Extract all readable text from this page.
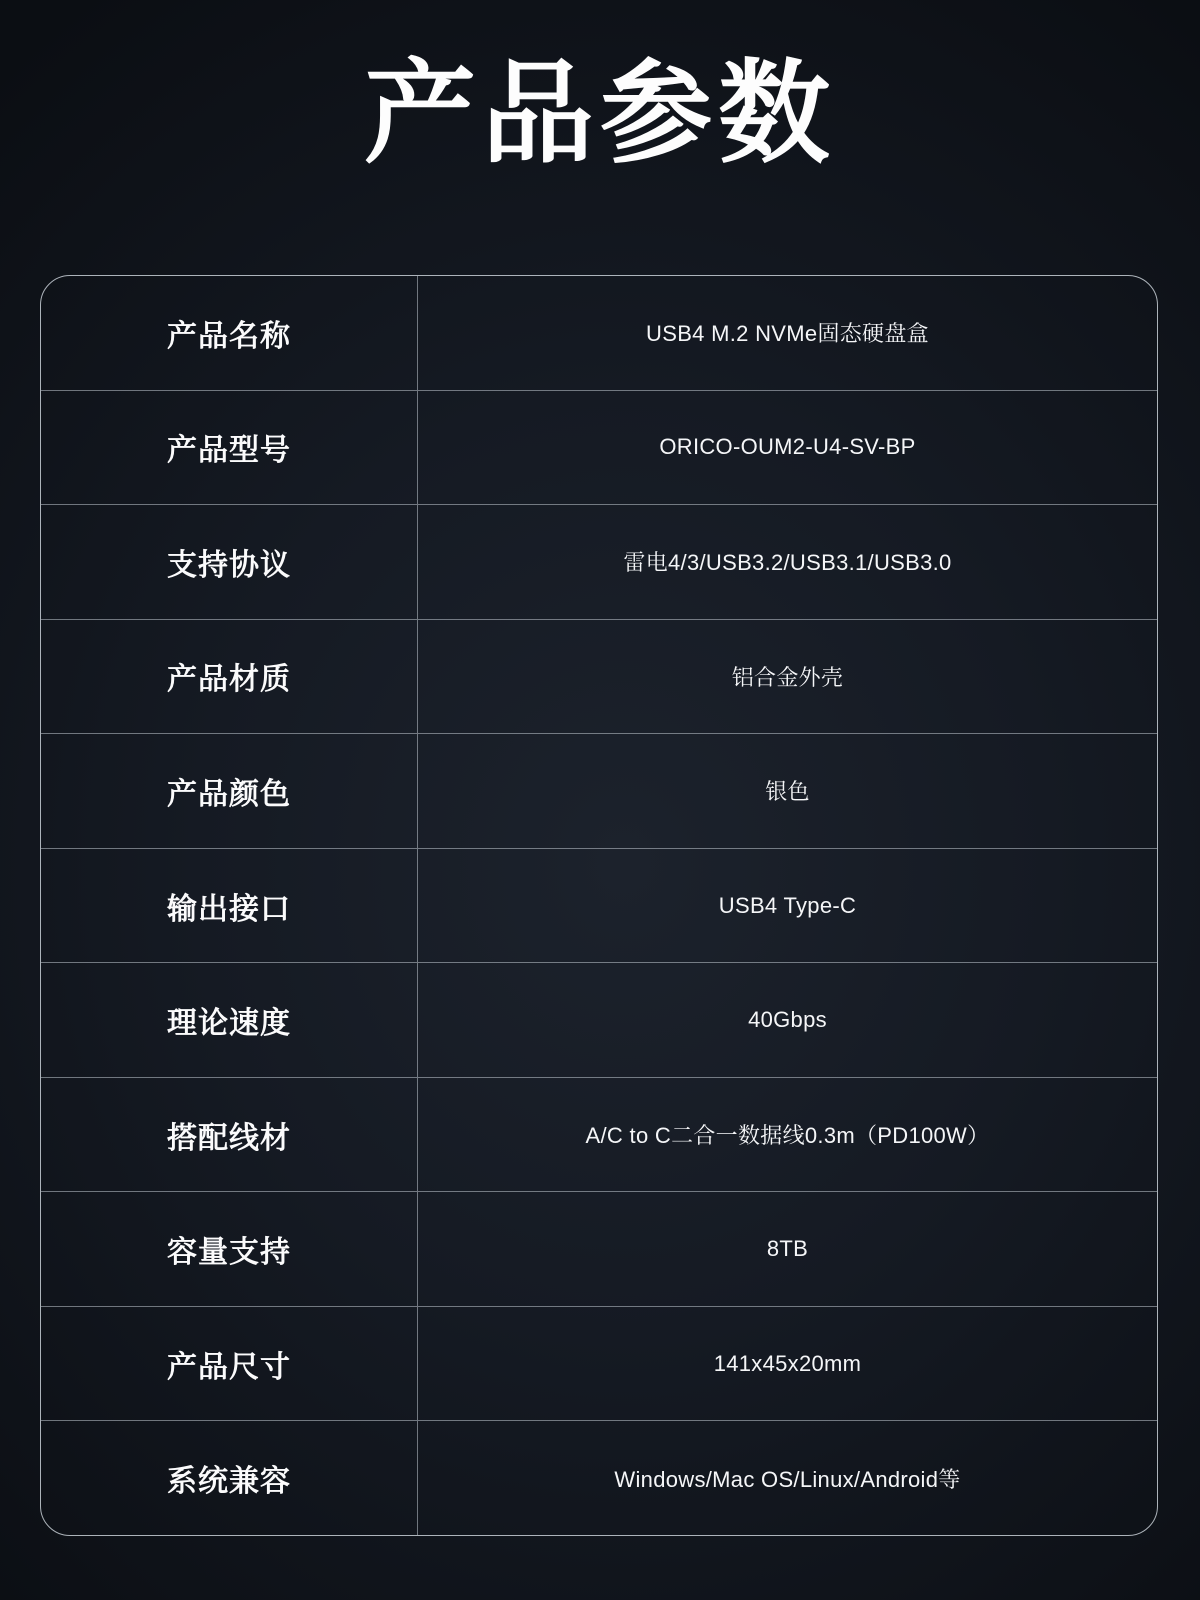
产品参数
产品名称	USB4 M.2 NVMe固态硬盘盒
产品型号	ORICO-OUM2-U4-SV-BP
支持协议	雷电4/3/USB3.2/USB3.1/USB3.0
产品材质	铝合金外壳
产品颜色	银色
输出接口	USB4 Type-C
理论速度	40Gbps
搭配线材	A/C to C二合一数据线0.3m（PD100W）
容量支持	8TB
产品尺寸	141x45x20mm
系统兼容	Windows/Mac OS/Linux/Android等
